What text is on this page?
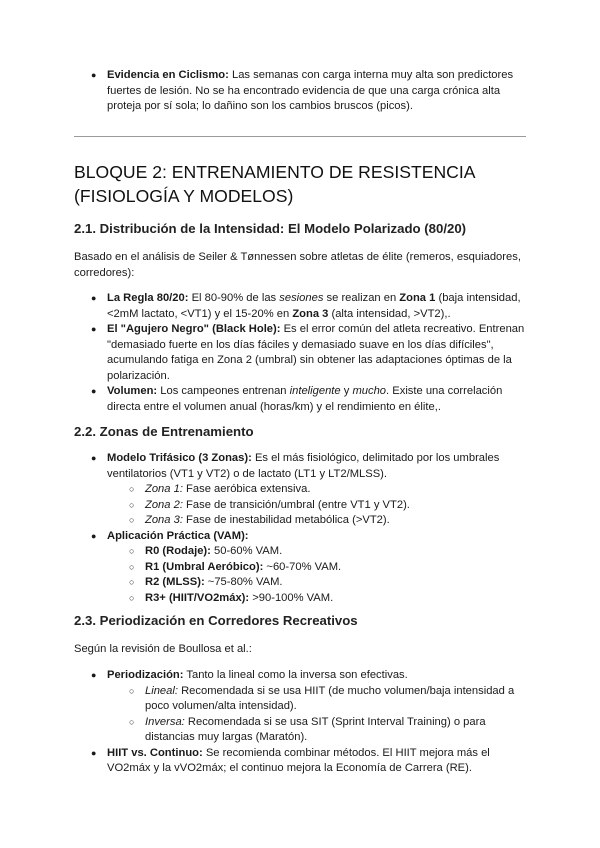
● Evidencia en Ciclismo: Las semanas con carga interna muy alta son predictores fuertes de lesión. No se ha encontrado evidencia de que una carga crónica alta proteja por sí sola; lo dañino son los cambios bruscos (picos).
BLOQUE 2: ENTRENAMIENTO DE RESISTENCIA (FISIOLOGÍA Y MODELOS)
2.1. Distribución de la Intensidad: El Modelo Polarizado (80/20)
Basado en el análisis de Seiler & Tønnessen sobre atletas de élite (remeros, esquiadores, corredores):
● La Regla 80/20: El 80-90% de las sesiones se realizan en Zona 1 (baja intensidad, <2mM lactato, <VT1) y el 15-20% en Zona 3 (alta intensidad, >VT2),.
● El "Agujero Negro" (Black Hole): Es el error común del atleta recreativo. Entrenan "demasiado fuerte en los días fáciles y demasiado suave en los días difíciles", acumulando fatiga en Zona 2 (umbral) sin obtener las adaptaciones óptimas de la polarización.
● Volumen: Los campeones entrenan inteligente y mucho. Existe una correlación directa entre el volumen anual (horas/km) y el rendimiento en élite,.
2.2. Zonas de Entrenamiento
● Modelo Trifásico (3 Zonas): Es el más fisiológico, delimitado por los umbrales ventilatorios (VT1 y VT2) o de lactato (LT1 y LT2/MLSS).
○ Zona 1: Fase aeróbica extensiva.
○ Zona 2: Fase de transición/umbral (entre VT1 y VT2).
○ Zona 3: Fase de inestabilidad metabólica (>VT2).
● Aplicación Práctica (VAM):
○ R0 (Rodaje): 50-60% VAM.
○ R1 (Umbral Aeróbico): ~60-70% VAM.
○ R2 (MLSS): ~75-80% VAM.
○ R3+ (HIIT/VO2máx): >90-100% VAM.
2.3. Periodización en Corredores Recreativos
Según la revisión de Boullosa et al.:
● Periodización: Tanto la lineal como la inversa son efectivas.
○ Lineal: Recomendada si se usa HIIT (de mucho volumen/baja intensidad a poco volumen/alta intensidad).
○ Inversa: Recomendada si se usa SIT (Sprint Interval Training) o para distancias muy largas (Maratón).
● HIIT vs. Continuo: Se recomienda combinar métodos. El HIIT mejora más el VO2máx y la vVO2máx; el continuo mejora la Economía de Carrera (RE).
